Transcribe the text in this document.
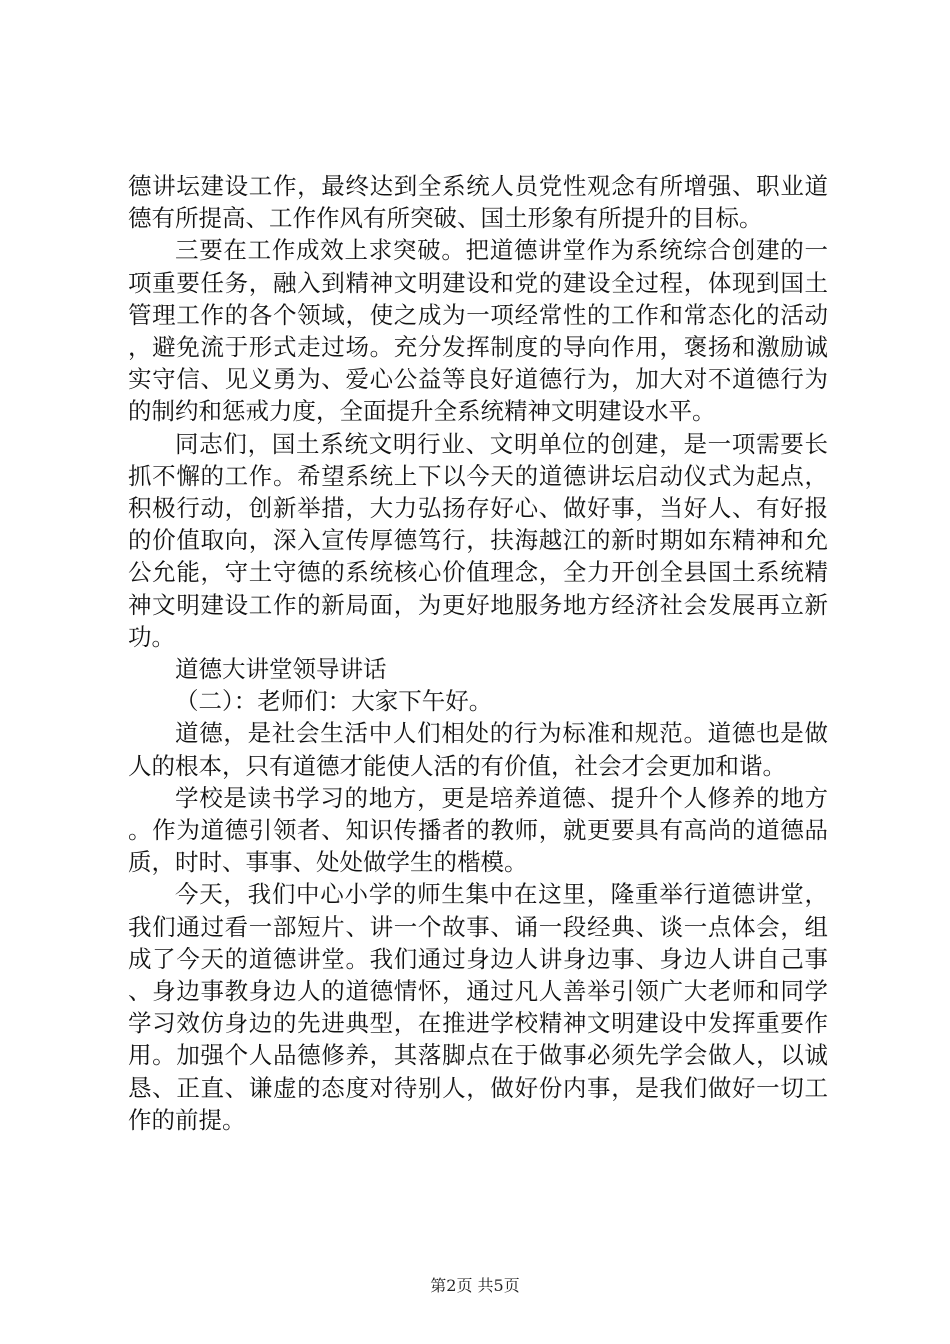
德讲坛建设工作，最终达到全系统人员党性观念有所增强、职业道德有所提高、工作作风有所突破、国土形象有所提升的目标。

三要在工作成效上求突破。把道德讲堂作为系统综合创建的一项重要任务，融入到精神文明建设和党的建设全过程，体现到国土管理工作的各个领域，使之成为一项经常性的工作和常态化的活动，避免流于形式走过场。充分发挥制度的导向作用，褒扬和激励诚实守信、见义勇为、爱心公益等良好道德行为，加大对不道德行为的制约和惩戒力度，全面提升全系统精神文明建设水平。

同志们，国土系统文明行业、文明单位的创建，是一项需要长抓不懈的工作。希望系统上下以今天的道德讲坛启动仪式为起点，积极行动，创新举措，大力弘扬存好心、做好事，当好人、有好报的价值取向，深入宣传厚德笃行，扶海越江的新时期如东精神和允公允能，守土守德的系统核心价值理念，全力开创全县国土系统精神文明建设工作的新局面，为更好地服务地方经济社会发展再立新功。

道德大讲堂领导讲话

（二）：老师们：大家下午好。

道德，是社会生活中人们相处的行为标准和规范。道德也是做人的根本，只有道德才能使人活的有价值，社会才会更加和谐。

学校是读书学习的地方，更是培养道德、提升个人修养的地方。作为道德引领者、知识传播者的教师，就更要具有高尚的道德品质，时时、事事、处处做学生的楷模。

今天，我们中心小学的师生集中在这里，隆重举行道德讲堂，我们通过看一部短片、讲一个故事、诵一段经典、谈一点体会，组成了今天的道德讲堂。我们通过身边人讲身边事、身边人讲自己事、身边事教身边人的道德情怀，通过凡人善举引领广大老师和同学学习效仿身边的先进典型，在推进学校精神文明建设中发挥重要作用。加强个人品德修养，其落脚点在于做事必须先学会做人，以诚恳、正直、谦虚的态度对待别人，做好份内事，是我们做好一切工作的前提。

第2页 共5页
